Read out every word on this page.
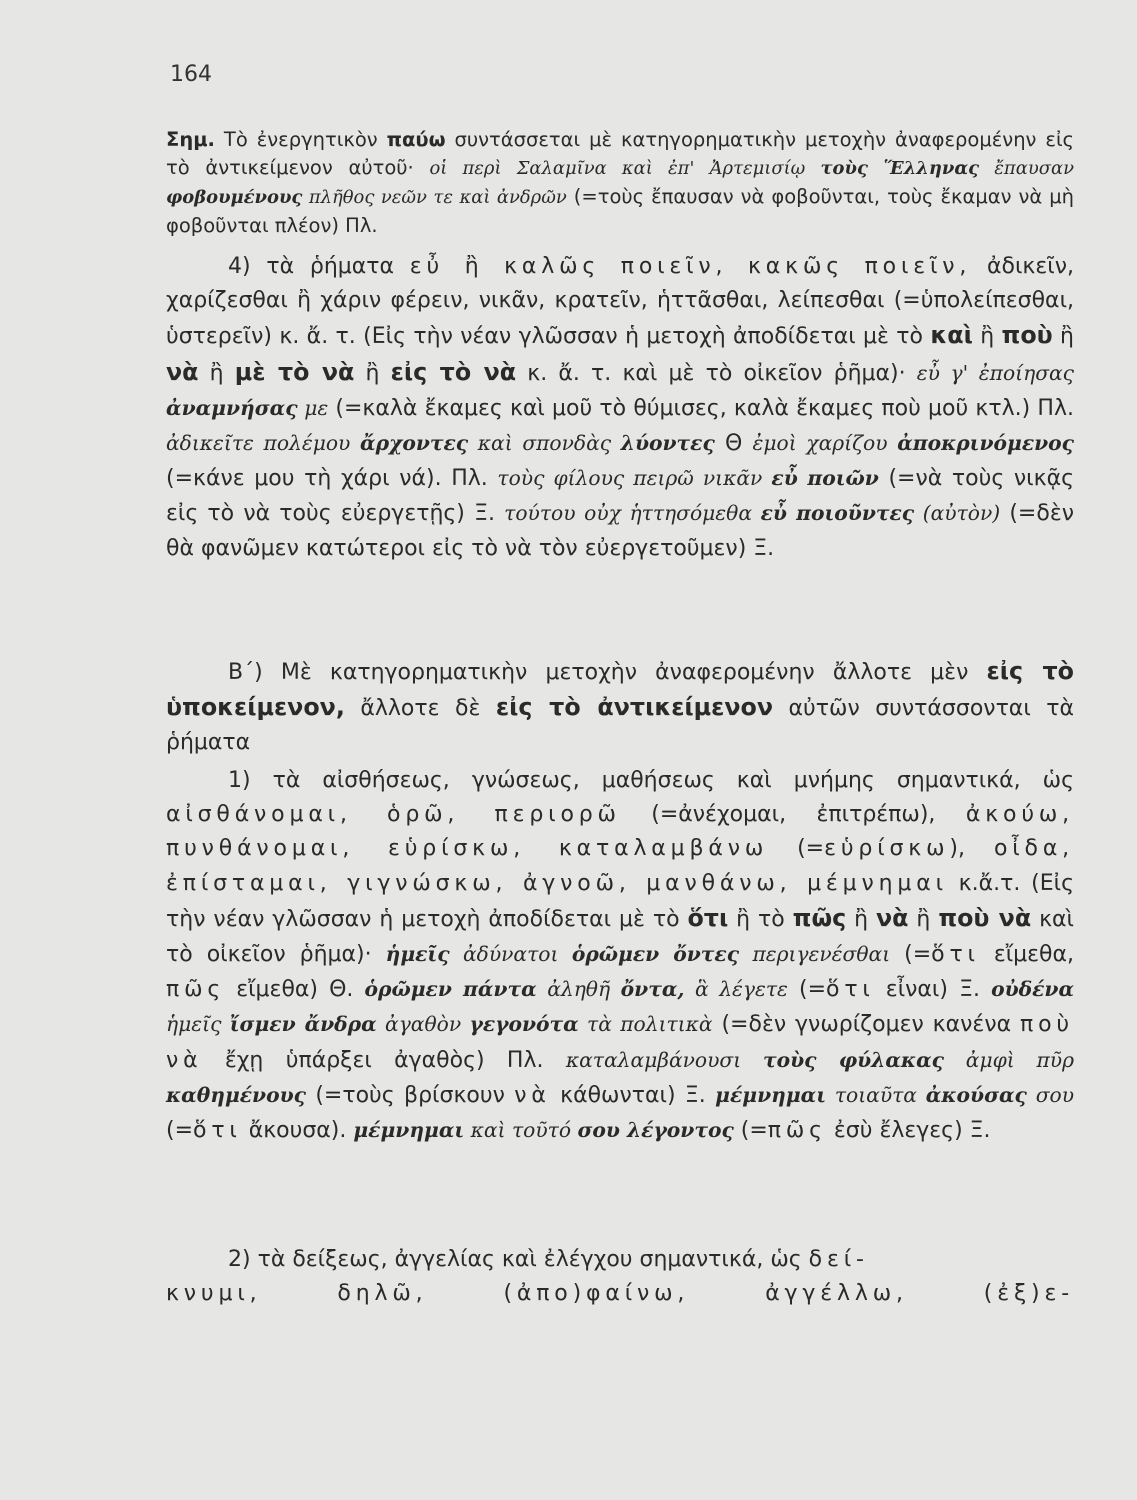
164

Σημ. Τὸ ἐνεργητικὸν παύω συντάσσεται μὲ κατηγορηματικὴν μετοχὴν ἀναφερομένην εἰς τὸ ἀντικείμενον αὐτοῦ· οἱ περὶ Σαλαμῖνα καὶ ἐπ' Ἀρτεμισίῳ τοὺς Ἕλληνας ἔπαυσαν φοβουμένους πλῆθος νεῶν τε καὶ ἀνδρῶν (=τοὺς ἔπαυσαν νὰ φοβοῦνται, τοὺς ἔκαμαν νὰ μὴ φοβοῦνται πλέον) Πλ.

4) τὰ ῥήματα εὖ ἢ καλῶς ποιεῖν, κακῶς ποιεῖν, ἀδικεῖν, χαρίζεσθαι ἢ χάριν φέρειν, νικᾶν, κρατεῖν, ἡττᾶσθαι, λείπεσθαι (=ὑπολείπεσθαι, ὑστερεῖν) κ. ἄ. τ. (Εἰς τὴν νέαν γλῶσσαν ἡ μετοχὴ ἀποδίδεται μὲ τὸ καὶ ἢ ποὺ ἢ νὰ ἢ μὲ τὸ νὰ ἢ εἰς τὸ νὰ κ. ἄ. τ. καὶ μὲ τὸ οἰκεῖον ῥῆμα)· εὖ γ' ἐποίησας ἀναμνήσας με (=καλὰ ἔκαμες καὶ μοῦ τὸ θύμισες, καλὰ ἔκαμες ποὺ μοῦ κτλ.) Πλ. ἀδικεῖτε πολέμου ἄρχοντες καὶ σπονδὰς λύοντες Θ ἐμοὶ χαρίζου ἀποκρινόμενος (=κάνε μου τὴ χάρι νά). Πλ. τοὺς φίλους πειρῶ νικᾶν εὖ ποιῶν (=νὰ τοὺς νικᾷς εἰς τὸ νὰ τοὺς εὐεργετῇς) Ξ. τούτου οὐχ ἡττησόμεθα εὖ ποιοῦντες (αὐτὸν) (=δὲν θὰ φανῶμεν κατώτεροι εἰς τὸ νὰ τὸν εὐεργετοῦμεν) Ξ.

Β΄) Μὲ κατηγορηματικὴν μετοχὴν ἀναφερομένην ἄλλοτε μὲν εἰς τὸ ὑποκείμενον, ἄλλοτε δὲ εἰς τὸ ἀντικείμενον αὐτῶν συντάσσονται τὰ ῥήματα

1) τὰ αἰσθήσεως, γνώσεως, μαθήσεως καὶ μνήμης σημαντικά, ὡς αἰσθάνομαι, ὁρῶ, περιορῶ (=ἀνέχομαι, ἐπιτρέπω), ἀκούω, πυνθάνομαι, εὑρίσκω, καταλαμβάνω (=εὑρίσκω), οἶδα, ἐπίσταμαι, γιγνώσκω, ἀγνοῶ, μανθάνω, μέμνημαι κ.ἄ.τ. (Εἰς τὴν νέαν γλῶσσαν ἡ μετοχὴ ἀποδίδεται μὲ τὸ ὅτι ἢ τὸ πῶς ἢ νὰ ἢ ποὺ νὰ καὶ τὸ οἰκεῖον ῥῆμα)· ἡμεῖς ἀδύνατοι ὁρῶμεν ὄντες περιγενέσθαι (=ὅτι εἴμεθα, πῶς εἴμεθα) Θ. ὁρῶμεν πάντα ἀληθῆ ὄντα, ἃ λέγετε (=ὅτι εἶναι) Ξ. οὐδένα ἡμεῖς ἴσμεν ἄνδρα ἀγαθὸν γεγονότα τὰ πολιτικὰ (=δὲν γνωρίζομεν κανένα ποὺ νὰ ἔχῃ ὑπάρξει ἀγαθὸς) Πλ. καταλαμβάνουσι τοὺς φύλακας ἀμφὶ πῦρ καθημένους (=τοὺς βρίσκουν νὰ κάθωνται) Ξ. μέμνημαι τοιαῦτα ἀκούσας σου (=ὅτι ἄκουσα). μέμνημαι καὶ τοῦτό σου λέγοντος (=πῶς ἐσὺ ἔλεγες) Ξ.

2) τὰ δείξεως, ἀγγελίας καὶ ἐλέγχου σημαντικά, ὡς δεί-

κνυμι, δηλῶ, (ἀπο)φαίνω, ἀγγέλλω, (ἐξ)ε-
